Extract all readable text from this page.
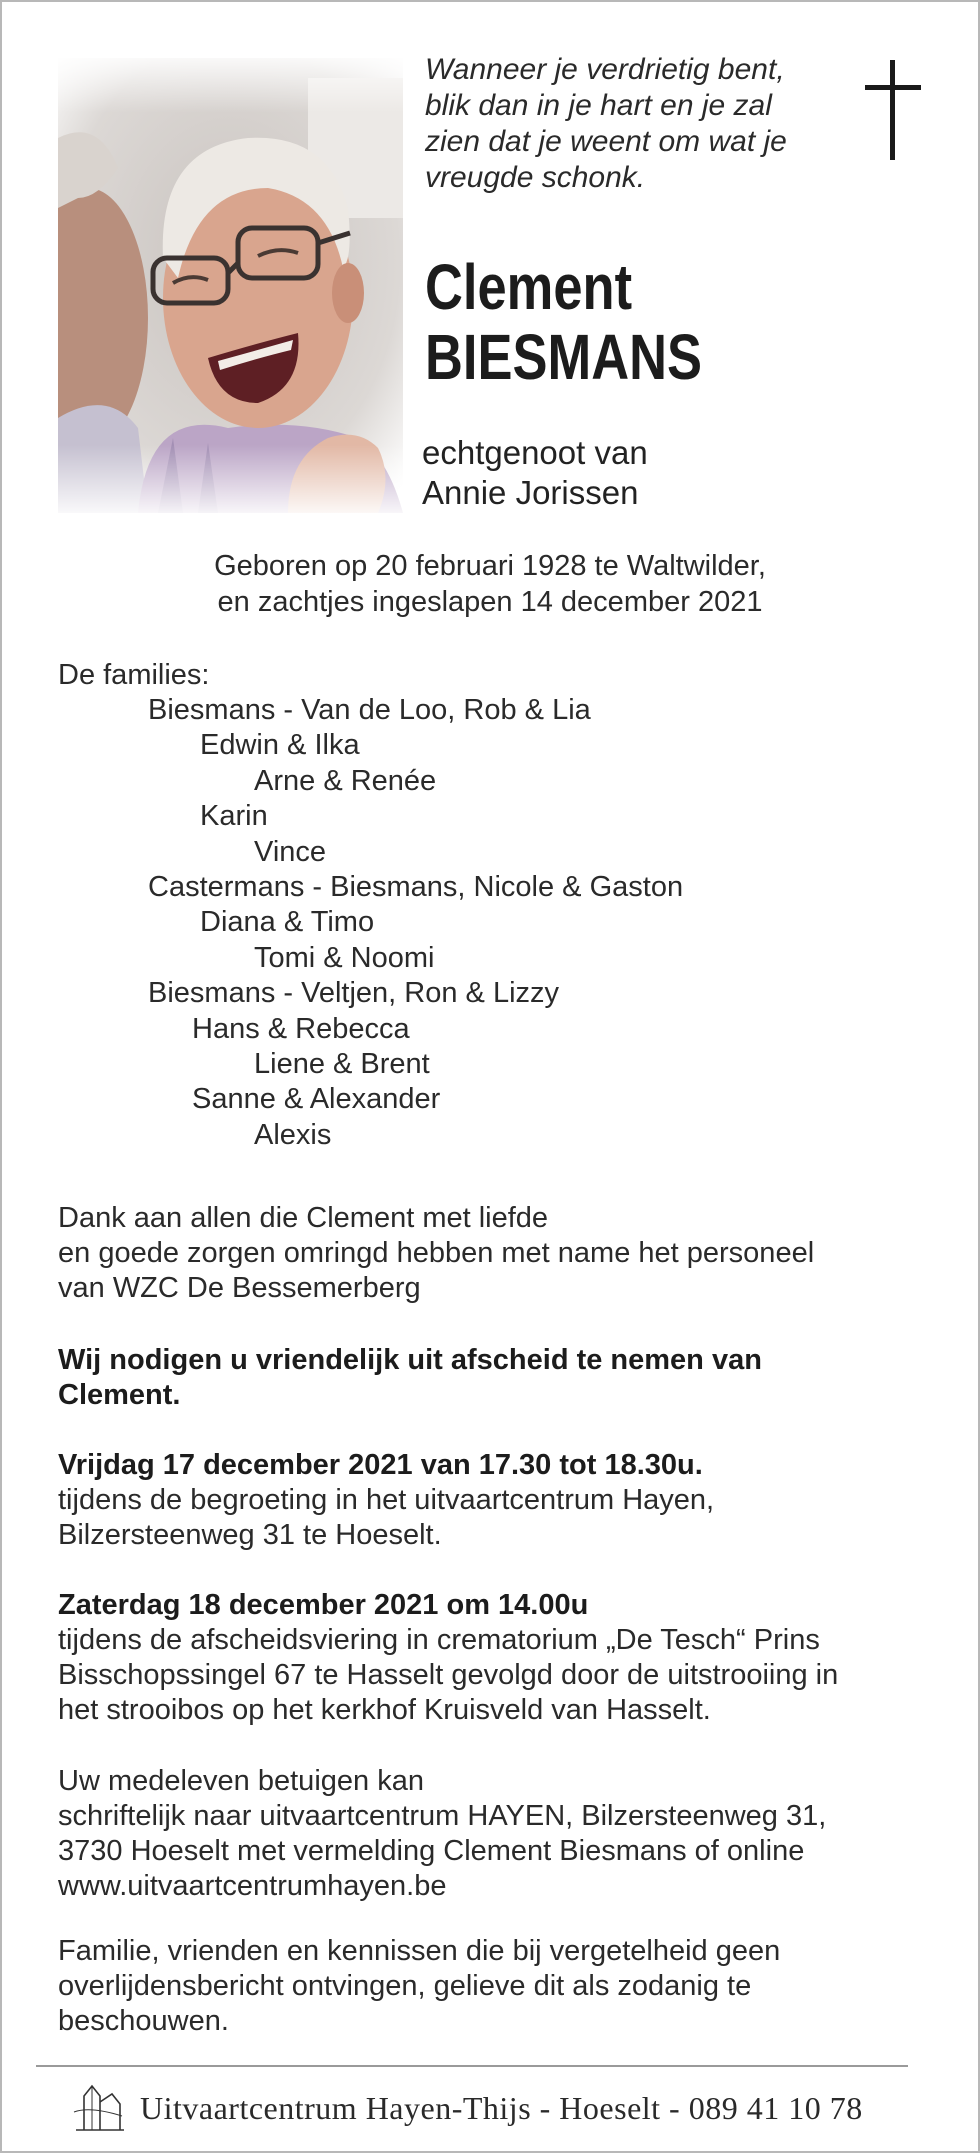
Wanneer je verdrietig bent,
blik dan in je hart en je zal
zien dat je weent om wat je
vreugde schonk.
Clement
BIESMANS
echtgenoot van
Annie Jorissen
Geboren op 20 februari 1928 te Waltwilder,
en zachtjes ingeslapen 14 december 2021
De families:
Biesmans - Van de Loo, Rob & Lia
Edwin & Ilka
Arne & Renée
Karin
Vince
Castermans - Biesmans, Nicole & Gaston
Diana & Timo
Tomi & Noomi
Biesmans - Veltjen, Ron & Lizzy
Hans & Rebecca
Liene & Brent
Sanne & Alexander
Alexis
Dank aan allen die Clement met liefde
en goede zorgen omringd hebben met name het personeel
van WZC De Bessemerberg
Wij nodigen u vriendelijk uit afscheid te nemen van
Clement.
Vrijdag 17 december 2021 van 17.30 tot 18.30u.
tijdens de begroeting in het uitvaartcentrum Hayen,
Bilzersteenweg 31 te Hoeselt.
Zaterdag 18 december 2021 om 14.00u
tijdens de afscheidsviering in crematorium „De Tesch“ Prins
Bisschopssingel 67 te Hasselt gevolgd door de uitstrooiing in
het strooibos op het kerkhof Kruisveld van Hasselt.
Uw medeleven betuigen kan
schriftelijk naar uitvaartcentrum HAYEN, Bilzersteenweg 31,
3730 Hoeselt met vermelding Clement Biesmans of online
www.uitvaartcentrumhayen.be
Familie, vrienden en kennissen die bij vergetelheid geen
overlijdensbericht ontvingen, gelieve dit als zodanig te
beschouwen.
Uitvaartcentrum Hayen-Thijs - Hoeselt - 089 41 10 78
